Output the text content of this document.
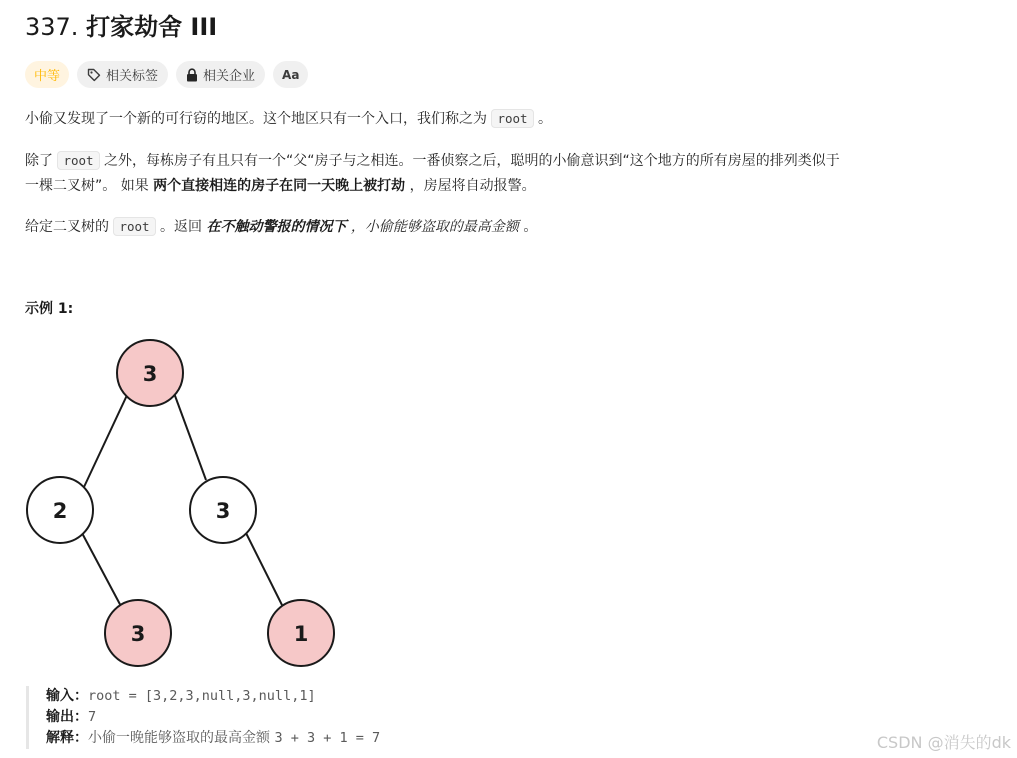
337. 打家劫舍 III
中等	相关标签	相关企业 Aa
小偷又发现了一个新的可行窃的地区。这个地区只有一个入口，我们称之为 root 。
除了 root 之外，每栋房子有且只有一个“父“房子与之相连。一番侦察之后，聪明的小偷意识到“这个地方的所有房屋的排列类似于
一棵二叉树”。 如果 两个直接相连的房子在同一天晚上被打劫 ，房屋将自动报警。
给定二叉树的 root 。返回 在不触动警报的情况下 ，小偷能够盗取的最高金额 。
示例 1:
3
2	3
3	1
输入：root = [3,2,3,null,3,null,1]
输出：7
解释：小偷一晚能够盗取的最高金额 3 + 3 + 1 = 7	CSDN @消失的dk
